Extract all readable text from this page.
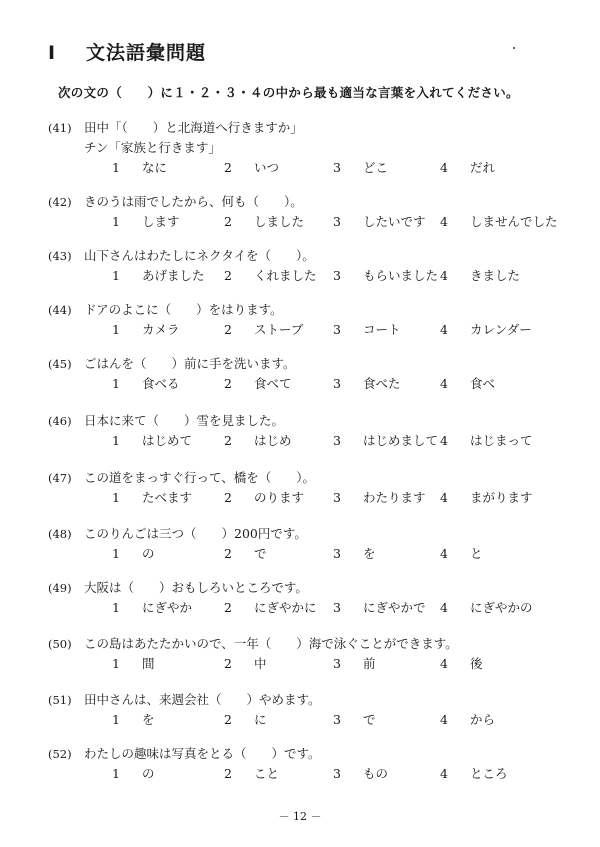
I 文法語彙問題
次の文の（　　）に１・２・３・４の中から最も適当な言葉を入れてください。
(41) 田中「（　　）と北海道へ行きますか」
チン「家族と行きます」
1 なに	2 いつ	3 どこ	4 だれ
(42) きのうは雨でしたから、何も（　　）。
1 します	2 しました 3 したいです 4 しませんでした
(43) 山下さんはわたしにネクタイを（　　）。
1 あげました 2 くれました 3 もらいました 4 きました
(44) ドアのよこに（　　）をはります。
1 カメラ	2 ストーブ 3 コート	4 カレンダー
(45) ごはんを（　　）前に手を洗います。
1 食べる	2 食べて	3 食べた	4 食べ
(46) 日本に来て（　　）雪を見ました。
1 はじめて	2 はじめ	3 はじめまして 4 はじまって
(47) この道をまっすぐ行って、橋を（　　）。
1 たべます	2 のります 3 わたります 4 まがります
(48) このりんごは三つ（　　）200円です。
1 の	2 で	3 を	4 と
(49) 大阪は（　　）おもしろいところです。
1 にぎやか	2 にぎやかに 3 にぎやかで 4 にぎやかの
(50) この島はあたたかいので、一年（　　）海で泳ぐことができます。
1 間	2 中	3 前	4 後
(51) 田中さんは、来週会社（　　）やめます。
1 を	2 に	3 で	4 から
(52) わたしの趣味は写真をとる（　　）です。
1 の	2 こと	3 もの	4 ところ
－ 12 －
